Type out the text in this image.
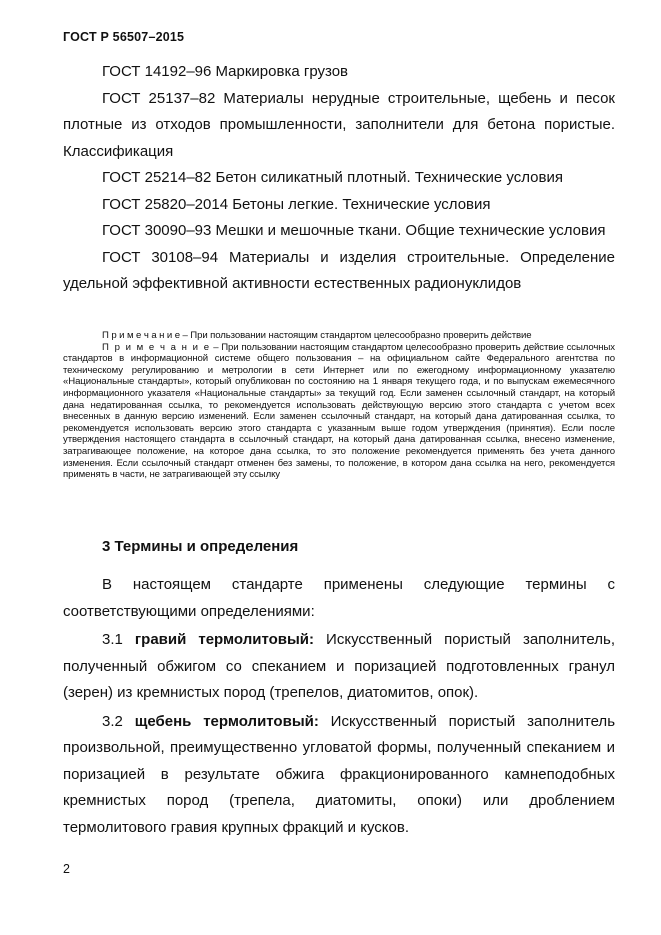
ГОСТ Р 56507–2015

ГОСТ 14192–96 Маркировка грузов

ГОСТ 25137–82 Материалы нерудные строительные, щебень и песок плотные из отходов промышленности, заполнители для бетона пористые. Классификация

ГОСТ 25214–82 Бетон силикатный плотный. Технические условия

ГОСТ 25820–2014 Бетоны легкие. Технические условия

ГОСТ 30090–93 Мешки и мешочные ткани. Общие технические условия

ГОСТ 30108–94 Материалы и изделия строительные. Определение удельной эффективной активности естественных радионуклидов

П р и м е ч а н и е – При пользовании настоящим стандартом целесообразно проверить действие

П р и м е ч а н и е – При пользовании настоящим стандартом целесообразно проверить действие ссылочных стандартов в информационной системе общего пользования – на официальном сайте Федерального агентства по техническому регулированию и метрологии в сети Интернет или по ежегодному информационному указателю «Национальные стандарты», который опубликован по состоянию на 1 января текущего года, и по выпускам ежемесячного информационного указателя «Национальные стандарты» за текущий год. Если заменен ссылочный стандарт, на который дана недатированная ссылка, то рекомендуется использовать действующую версию этого стандарта с учетом всех внесенных в данную версию изменений. Если заменен ссылочный стандарт, на который дана датированная ссылка, то рекомендуется использовать версию этого стандарта с указанным выше годом утверждения (принятия). Если после утверждения настоящего стандарта в ссылочный стандарт, на который дана датированная ссылка, внесено изменение, затрагивающее положение, на которое дана ссылка, то это положение рекомендуется применять без учета данного изменения. Если ссылочный стандарт отменен без замены, то положение, в котором дана ссылка на него, рекомендуется применять в части, не затрагивающей эту ссылку

3 Термины и определения

В настоящем стандарте применены следующие термины с соответствующими определениями:

3.1 гравий термолитовый: Искусственный пористый заполнитель, полученный обжигом со спеканием и поризацией подготовленных гранул (зерен) из кремнистых пород (трепелов, диатомитов, опок).

3.2 щебень термолитовый: Искусственный пористый заполнитель произвольной, преимущественно угловатой формы, полученный спеканием и поризацией в результате обжига фракционированного камнеподобных кремнистых пород (трепела, диатомиты, опоки) или дроблением термолитового гравия крупных фракций и кусков.

2
